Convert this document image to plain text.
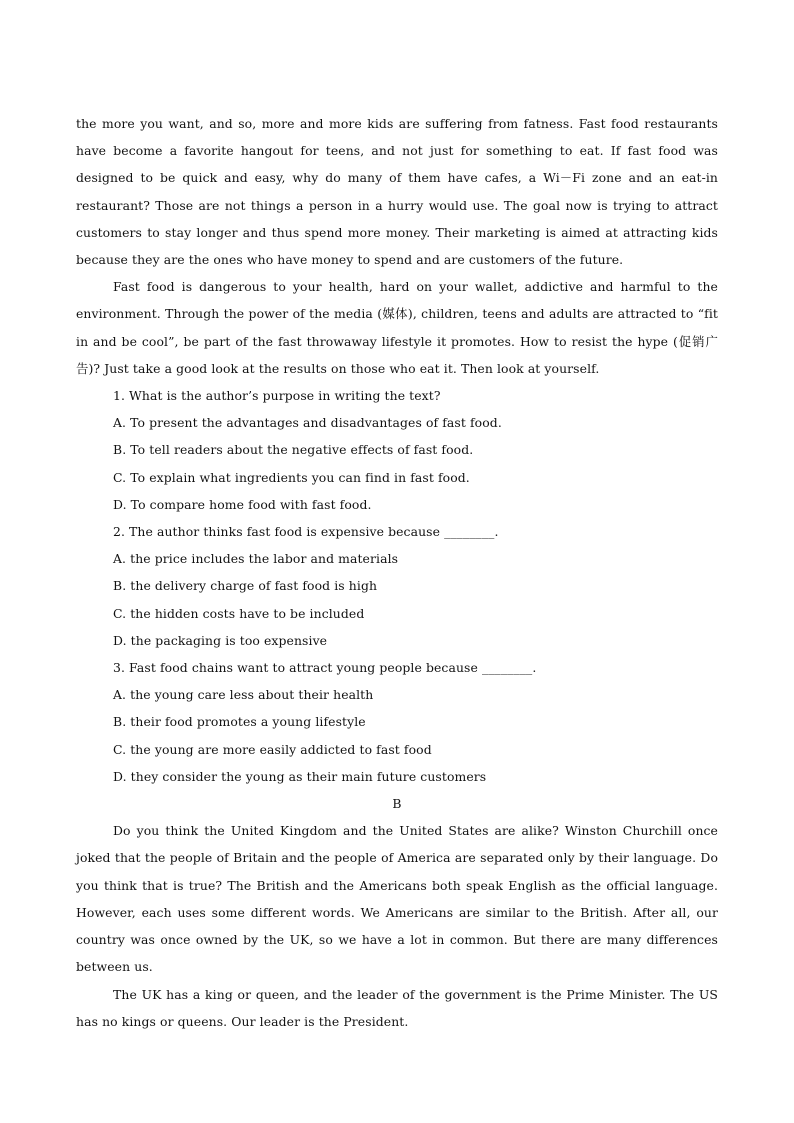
the more you want, and so, more and more kids are suffering from fatness. Fast food restaurants have become a favorite hangout for teens, and not just for something to eat. If fast food was designed to be quick and easy, why do many of them have cafes, a Wi－Fi zone and an eat-in restaurant? Those are not things a person in a hurry would use. The goal now is trying to attract customers to stay longer and thus spend more money. Their marketing is aimed at attracting kids because they are the ones who have money to spend and are customers of the future.

Fast food is dangerous to your health, hard on your wallet, addictive and harmful to the environment. Through the power of the media (媒体), children, teens and adults are attracted to “fit in and be cool”, be part of the fast throwaway lifestyle it promotes. How to resist the hype (促销广告)? Just take a good look at the results on those who eat it. Then look at yourself.

1. What is the author’s purpose in writing the text?

A. To present the advantages and disadvantages of fast food.

B. To tell readers about the negative effects of fast food.

C. To explain what ingredients you can find in fast food.

D. To compare home food with fast food.

2. The author thinks fast food is expensive because ________.

A. the price includes the labor and materials

B. the delivery charge of fast food is high

C. the hidden costs have to be included

D. the packaging is too expensive

3. Fast food chains want to attract young people because ________.

A. the young care less about their health

B. their food promotes a young lifestyle

C. the young are more easily addicted to fast food

D. they consider the young as their main future customers

B

Do you think the United Kingdom and the United States are alike? Winston Churchill once joked that the people of Britain and the people of America are separated only by their language. Do you think that is true? The British and the Americans both speak English as the official language. However, each uses some different words. We Americans are similar to the British. After all, our country was once owned by the UK, so we have a lot in common. But there are many differences between us.

The UK has a king or queen, and the leader of the government is the Prime Minister. The US has no kings or queens. Our leader is the President.
